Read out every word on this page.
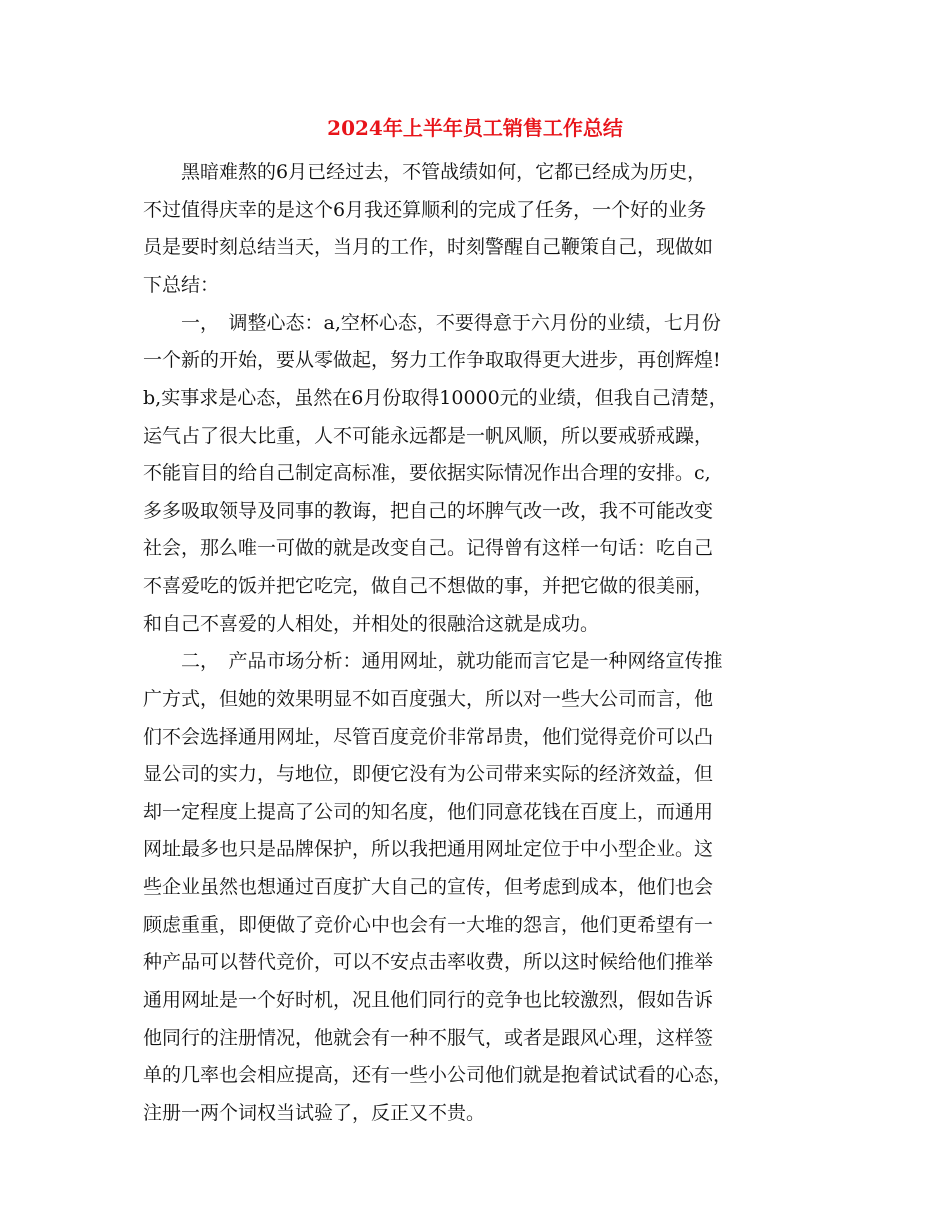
2024年上半年员工销售工作总结

　　黑暗难熬的6月已经过去，不管战绩如何，它都已经成为历史，

不过值得庆幸的是这个6月我还算顺利的完成了任务，一个好的业务

员是要时刻总结当天，当月的工作，时刻警醒自己鞭策自己，现做如

下总结：

　　一，　调整心态：a,空杯心态，不要得意于六月份的业绩，七月份

一个新的开始，要从零做起，努力工作争取取得更大进步，再创辉煌!

b,实事求是心态，虽然在6月份取得10000元的业绩，但我自己清楚，

运气占了很大比重，人不可能永远都是一帆风顺，所以要戒骄戒躁，

不能盲目的给自己制定高标准，要依据实际情况作出合理的安排。c,

多多吸取领导及同事的教诲，把自己的坏脾气改一改，我不可能改变

社会，那么唯一可做的就是改变自己。记得曾有这样一句话：吃自己

不喜爱吃的饭并把它吃完，做自己不想做的事，并把它做的很美丽，

和自己不喜爱的人相处，并相处的很融洽这就是成功。

　　二，　产品市场分析：通用网址，就功能而言它是一种网络宣传推

广方式，但她的效果明显不如百度强大，所以对一些大公司而言，他

们不会选择通用网址，尽管百度竞价非常昂贵，他们觉得竞价可以凸

显公司的实力，与地位，即便它没有为公司带来实际的经济效益，但

却一定程度上提高了公司的知名度，他们同意花钱在百度上，而通用

网址最多也只是品牌保护，所以我把通用网址定位于中小型企业。这

些企业虽然也想通过百度扩大自己的宣传，但考虑到成本，他们也会

顾虑重重，即便做了竞价心中也会有一大堆的怨言，他们更希望有一

种产品可以替代竞价，可以不安点击率收费，所以这时候给他们推举

通用网址是一个好时机，况且他们同行的竞争也比较激烈，假如告诉

他同行的注册情况，他就会有一种不服气，或者是跟风心理，这样签

单的几率也会相应提高，还有一些小公司他们就是抱着试试看的心态，

注册一两个词权当试验了，反正又不贵。
